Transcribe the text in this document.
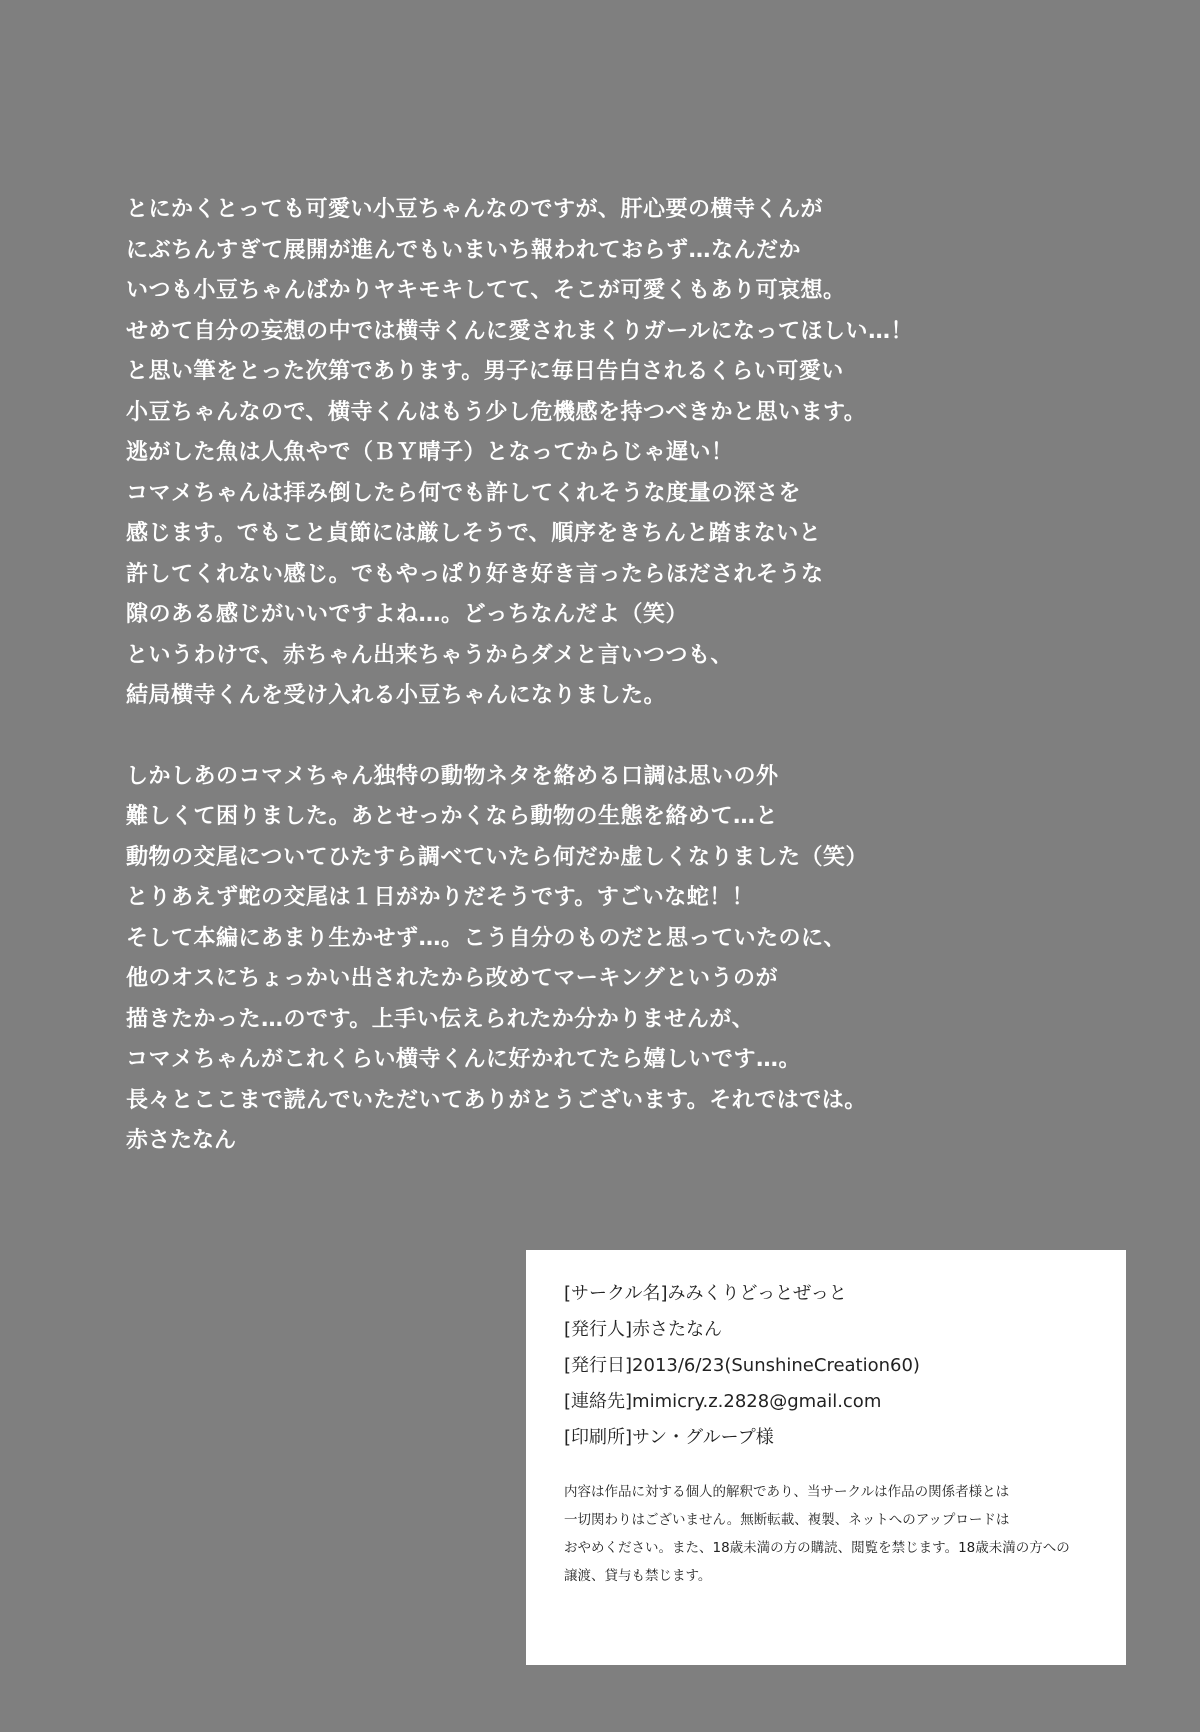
とにかくとっても可愛い小豆ちゃんなのですが、肝心要の横寺くんが
にぶちんすぎて展開が進んでもいまいち報われておらず…なんだか
いつも小豆ちゃんばかりヤキモキしてて、そこが可愛くもあり可哀想。
せめて自分の妄想の中では横寺くんに愛されまくりガールになってほしい…！
と思い筆をとった次第であります。男子に毎日告白されるくらい可愛い
小豆ちゃんなので、横寺くんはもう少し危機感を持つべきかと思います。
逃がした魚は人魚やで（ＢＹ晴子）となってからじゃ遅い！
コマメちゃんは拝み倒したら何でも許してくれそうな度量の深さを
感じます。でもこと貞節には厳しそうで、順序をきちんと踏まないと
許してくれない感じ。でもやっぱり好き好き言ったらほだされそうな
隙のある感じがいいですよね…。どっちなんだよ（笑）
というわけで、赤ちゃん出来ちゃうからダメと言いつつも、
結局横寺くんを受け入れる小豆ちゃんになりました。
しかしあのコマメちゃん独特の動物ネタを絡める口調は思いの外
難しくて困りました。あとせっかくなら動物の生態を絡めて…と
動物の交尾についてひたすら調べていたら何だか虚しくなりました（笑）
とりあえず蛇の交尾は１日がかりだそうです。すごいな蛇！！
そして本編にあまり生かせず…。こう自分のものだと思っていたのに、
他のオスにちょっかい出されたから改めてマーキングというのが
描きたかった…のです。上手い伝えられたか分かりませんが、
コマメちゃんがこれくらい横寺くんに好かれてたら嬉しいです…。
長々とここまで読んでいただいてありがとうございます。それではでは。
赤さたなん
[サークル名]みみくりどっとぜっと
[発行人]赤さたなん
[発行日]2013/6/23(SunshineCreation60)
[連絡先]mimicry.z.2828@gmail.com
[印刷所]サン・グループ様
内容は作品に対する個人的解釈であり、当サークルは作品の関係者様とは
一切関わりはございません。無断転載、複製、ネットへのアップロードは
おやめください。また、18歳未満の方の購読、閲覧を禁じます。18歳未満の方への
譲渡、貸与も禁じます。
